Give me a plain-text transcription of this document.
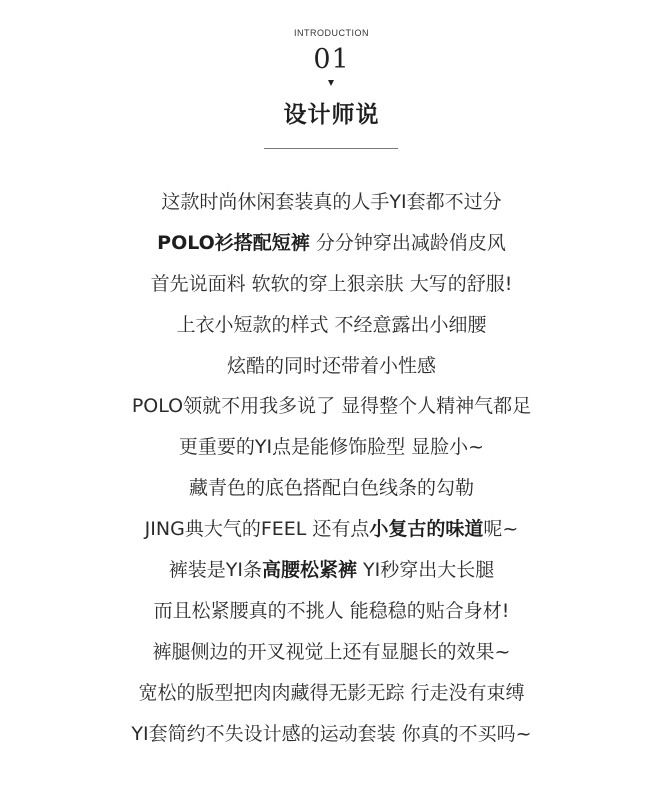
INTRODUCTION
01
设计师说
这款时尚休闲套装真的人手YI套都不过分
POLO衫搭配短裤 分分钟穿出减龄俏皮风
首先说面料 软软的穿上狠亲肤 大写的舒服!
上衣小短款的样式 不经意露出小细腰
炫酷的同时还带着小性感
POLO领就不用我多说了 显得整个人精神气都足
更重要的YI点是能修饰脸型 显脸小~
藏青色的底色搭配白色线条的勾勒
JING典大气的FEEL 还有点小复古的味道呢~
裤装是YI条高腰松紧裤 YI秒穿出大长腿
而且松紧腰真的不挑人 能稳稳的贴合身材!
裤腿侧边的开叉视觉上还有显腿长的效果~
宽松的版型把肉肉藏得无影无踪 行走没有束缚
YI套简约不失设计感的运动套装 你真的不买吗~
